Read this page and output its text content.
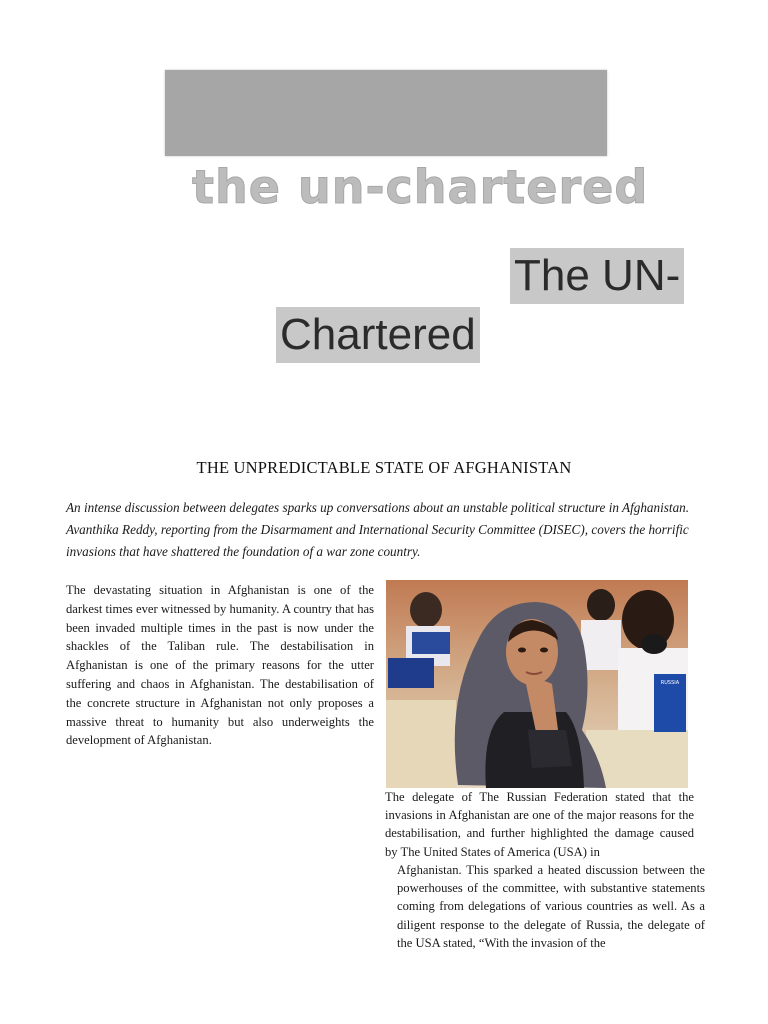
the un-chartered
The UN-
Chartered
THE UNPREDICTABLE STATE OF AFGHANISTAN

An intense discussion between delegates sparks up conversations about an unstable political structure in Afghanistan. Avanthika Reddy, reporting from the Disarmament and International Security Committee (DISEC), covers the horrific invasions that have shattered the foundation of a war zone country.

The devastating situation in Afghanistan is one of the darkest times ever witnessed by humanity. A country that has been invaded multiple times in the past is now under the shackles of the Taliban rule. The destabilisation in Afghanistan is one of the primary reasons for the utter suffering and chaos in Afghanistan. The destabilisation of the concrete structure in Afghanistan not only proposes a massive threat to humanity but also underweights the development of Afghanistan.

RUSSIA

The delegate of The Russian Federation stated that the invasions in Afghanistan are one of the major reasons for the destabilisation, and further highlighted the damage caused by The United States of America (USA) in

Afghanistan. This sparked a heated discussion between the powerhouses of the committee, with substantive statements coming from delegations of various countries as well. As a diligent response to the delegate of Russia, the delegate of the USA stated, “With the invasion of the
